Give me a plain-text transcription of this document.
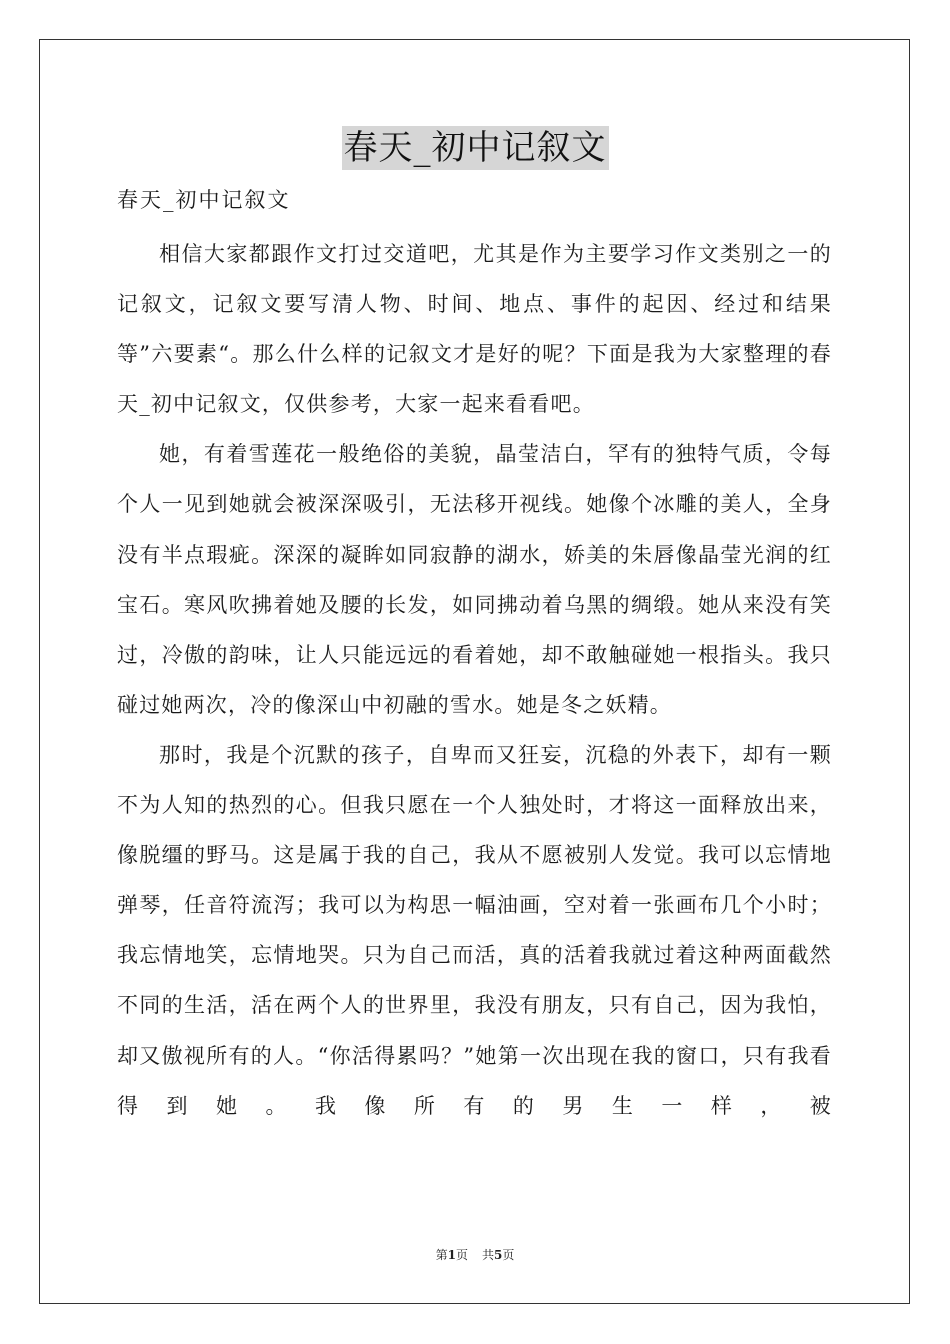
春天_初中记叙文
春天_初中记叙文

相信大家都跟作文打过交道吧，尤其是作为主要学习作文类别之一的记叙文，记叙文要写清人物、时间、地点、事件的起因、经过和结果等”六要素“。那么什么样的记叙文才是好的呢？下面是我为大家整理的春天_初中记叙文，仅供参考，大家一起来看看吧。

她，有着雪莲花一般绝俗的美貌，晶莹洁白，罕有的独特气质，令每个人一见到她就会被深深吸引，无法移开视线。她像个冰雕的美人，全身没有半点瑕疵。深深的凝眸如同寂静的湖水，娇美的朱唇像晶莹光润的红宝石。寒风吹拂着她及腰的长发，如同拂动着乌黑的绸缎。她从来没有笑过，冷傲的韵味，让人只能远远的看着她，却不敢触碰她一根指头。我只碰过她两次，冷的像深山中初融的雪水。她是冬之妖精。

那时，我是个沉默的孩子，自卑而又狂妄，沉稳的外表下，却有一颗不为人知的热烈的心。但我只愿在一个人独处时，才将这一面释放出来，像脱缰的野马。这是属于我的自己，我从不愿被别人发觉。我可以忘情地弹琴，任音符流泻；我可以为构思一幅油画，空对着一张画布几个小时；我忘情地笑，忘情地哭。只为自己而活，真的活着我就过着这种两面截然不同的生活，活在两个人的世界里，我没有朋友，只有自己，因为我怕，却又傲视所有的人。“你活得累吗？”她第一次出现在我的窗口，只有我看得到她。我像所有的男生一样，被

第1页 共5页
